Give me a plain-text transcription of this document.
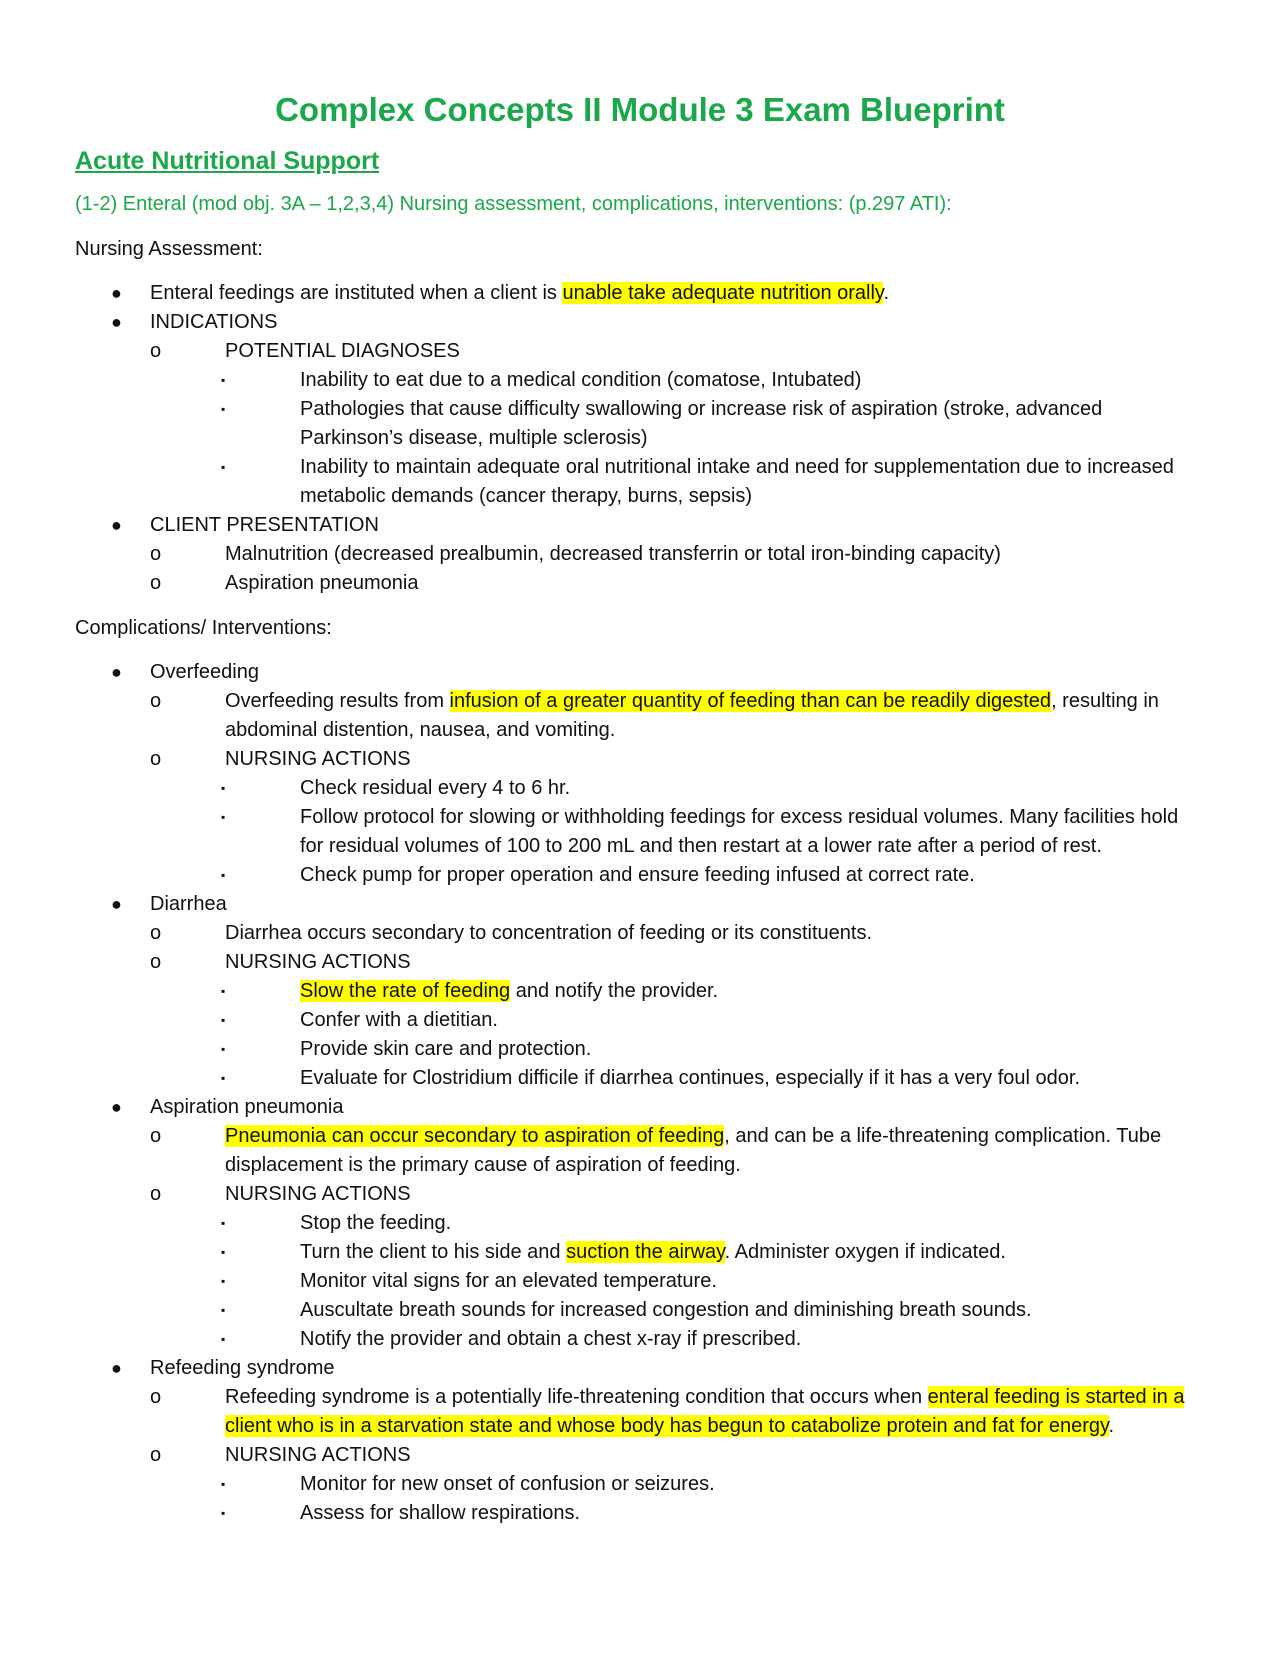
Complex Concepts II Module 3 Exam Blueprint
Acute Nutritional Support
(1-2) Enteral (mod obj. 3A – 1,2,3,4) Nursing assessment, complications, interventions: (p.297 ATI):
Nursing Assessment:
● Enteral feedings are instituted when a client is unable take adequate nutrition orally.
● INDICATIONS
o	POTENTIAL DIAGNOSES
▪	Inability to eat due to a medical condition (comatose, Intubated)
▪	Pathologies that cause difficulty swallowing or increase risk of aspiration (stroke, advanced Parkinson’s disease, multiple sclerosis)
▪	Inability to maintain adequate oral nutritional intake and need for supplementation due to increased metabolic demands (cancer therapy, burns, sepsis)
● CLIENT PRESENTATION
o	Malnutrition (decreased prealbumin, decreased transferrin or total iron-binding capacity)
o	Aspiration pneumonia
Complications/ Interventions:
● Overfeeding
o	Overfeeding results from infusion of a greater quantity of feeding than can be readily digested, resulting in abdominal distention, nausea, and vomiting.
o	NURSING ACTIONS
▪	Check residual every 4 to 6 hr.
▪	Follow protocol for slowing or withholding feedings for excess residual volumes. Many facilities hold for residual volumes of 100 to 200 mL and then restart at a lower rate after a period of rest.
▪	Check pump for proper operation and ensure feeding infused at correct rate.
● Diarrhea
o	Diarrhea occurs secondary to concentration of feeding or its constituents.
o	NURSING ACTIONS
▪	Slow the rate of feeding and notify the provider.
▪	Confer with a dietitian.
▪	Provide skin care and protection.
▪	Evaluate for Clostridium difficile if diarrhea continues, especially if it has a very foul odor.
● Aspiration pneumonia
o	Pneumonia can occur secondary to aspiration of feeding, and can be a life-threatening complication. Tube displacement is the primary cause of aspiration of feeding.
o	NURSING ACTIONS
▪	Stop the feeding.
▪	Turn the client to his side and suction the airway. Administer oxygen if indicated.
▪	Monitor vital signs for an elevated temperature.
▪	Auscultate breath sounds for increased congestion and diminishing breath sounds.
▪	Notify the provider and obtain a chest x-ray if prescribed.
● Refeeding syndrome
o	Refeeding syndrome is a potentially life-threatening condition that occurs when enteral feeding is started in a client who is in a starvation state and whose body has begun to catabolize protein and fat for energy.
o	NURSING ACTIONS
▪	Monitor for new onset of confusion or seizures.
▪	Assess for shallow respirations.
